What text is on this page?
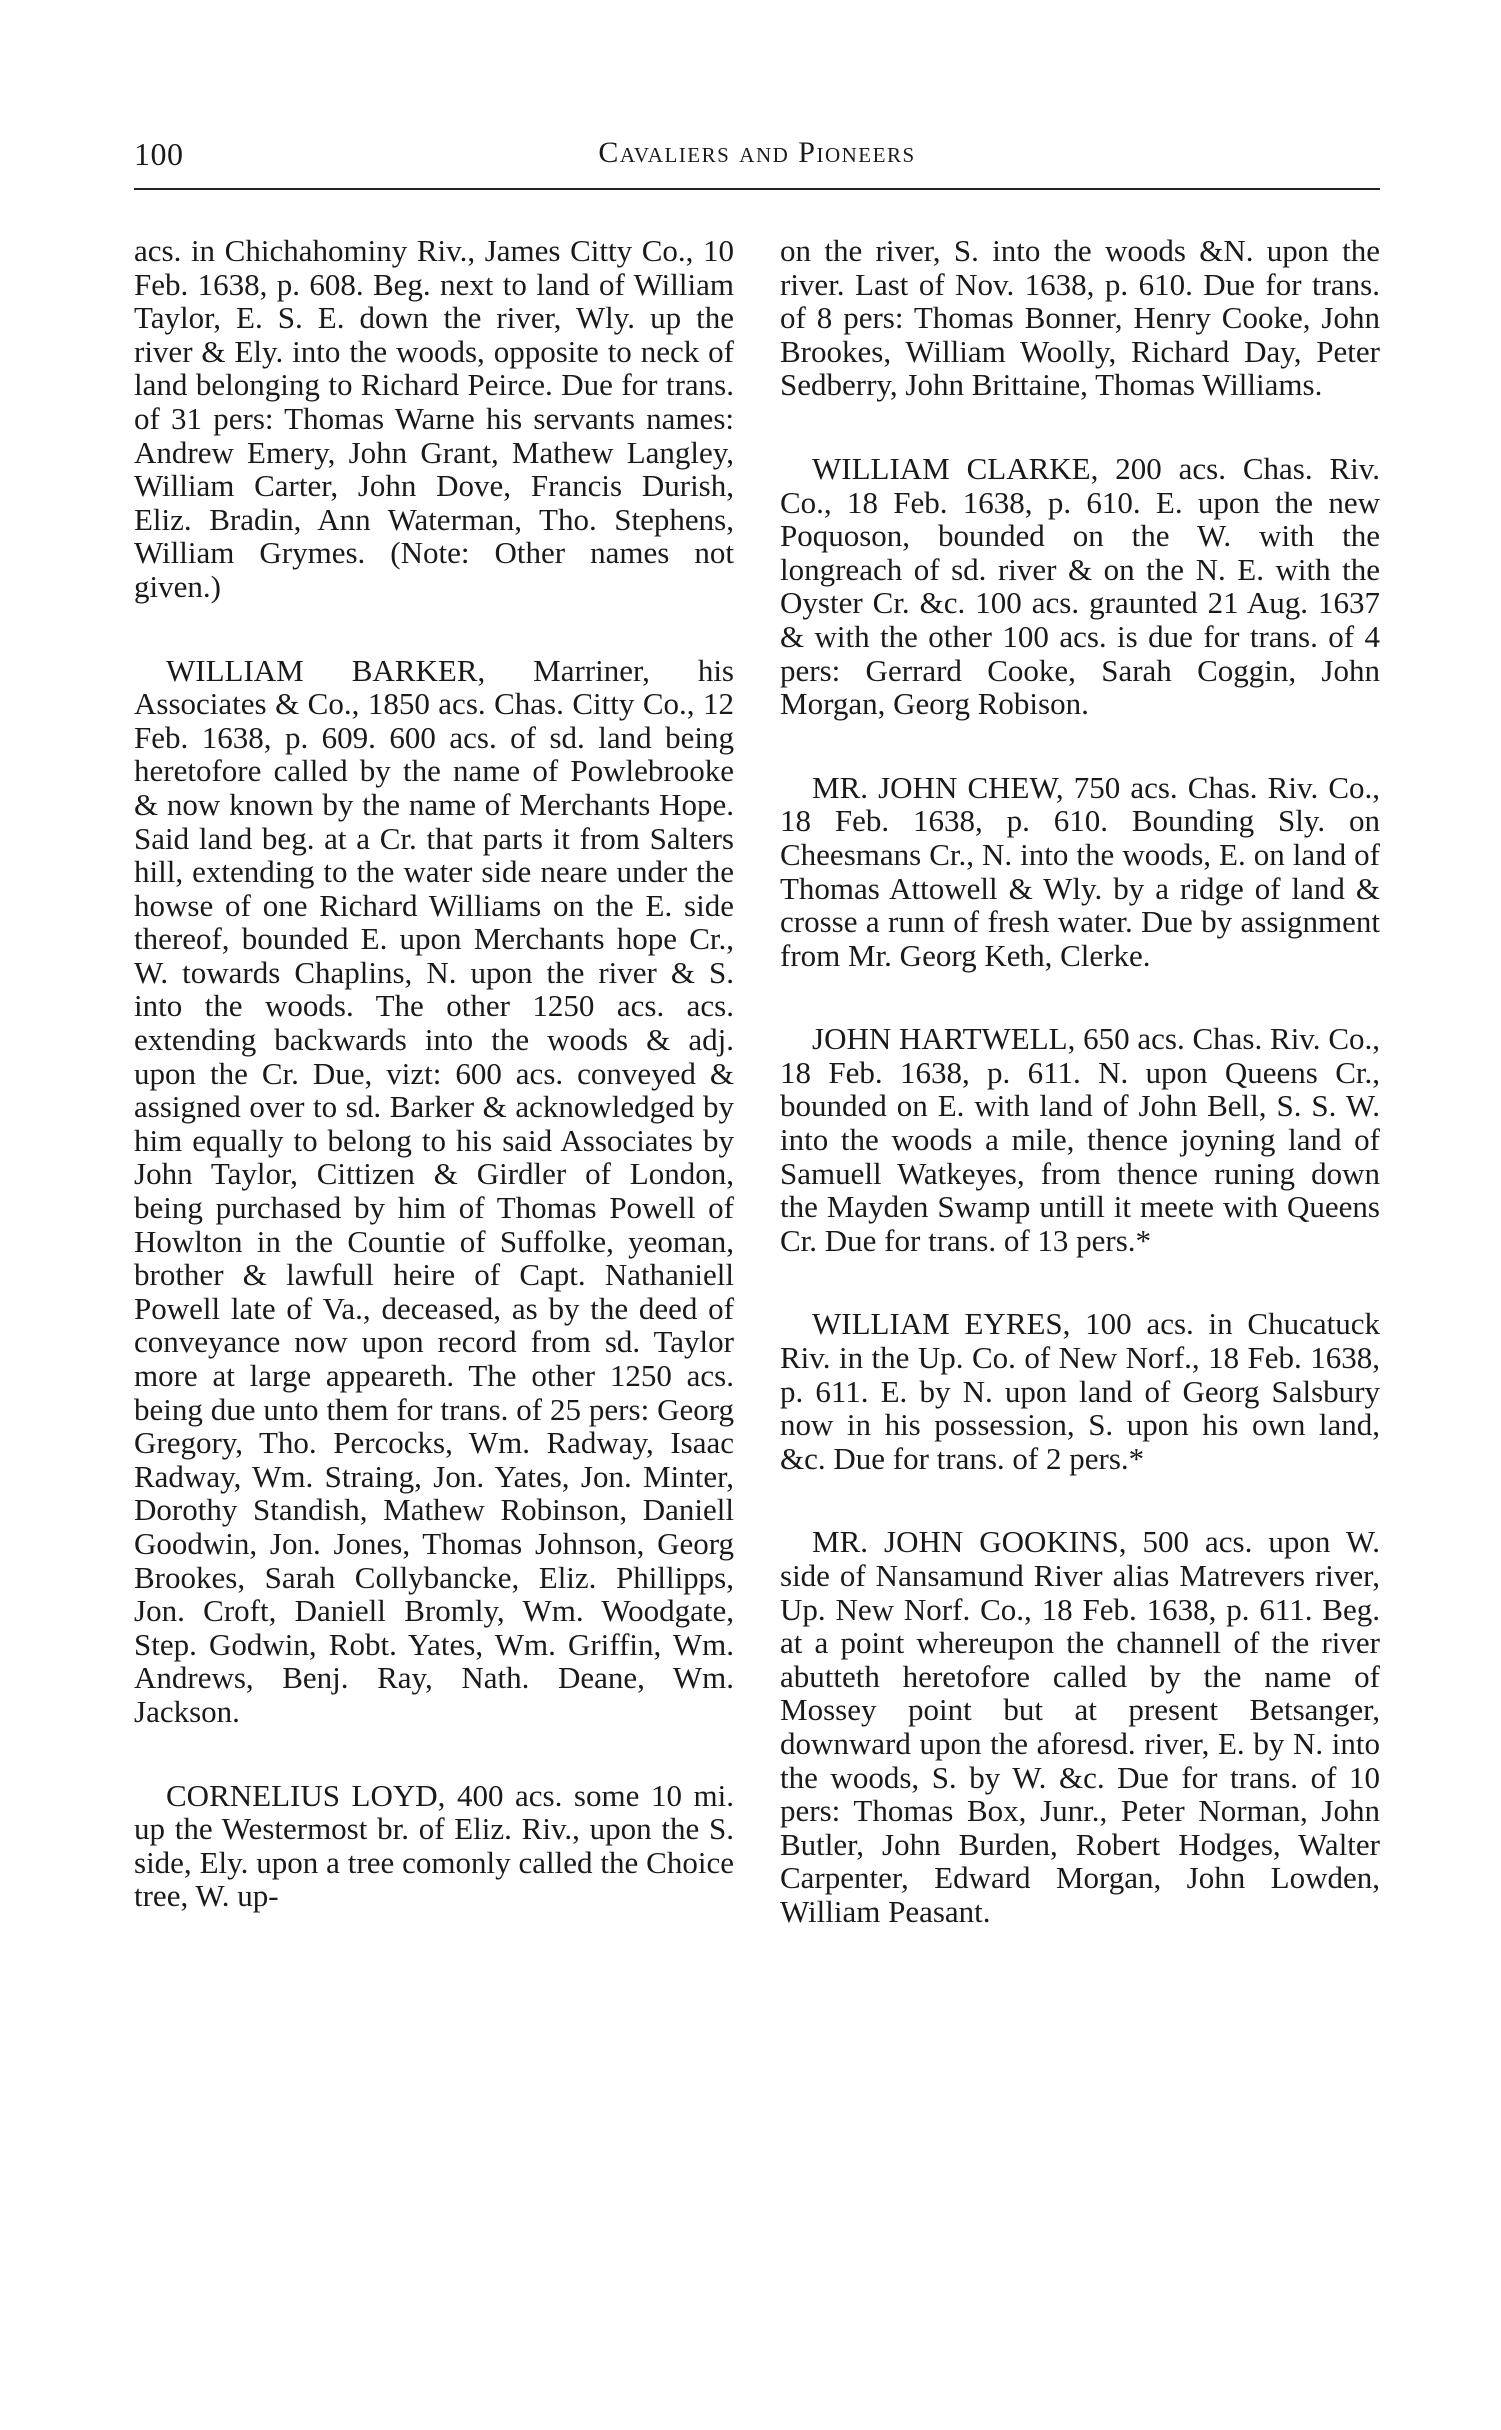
100	Cavaliers and Pioneers

acs. in Chichahominy Riv., James Citty Co., 10 Feb. 1638, p. 608. Beg. next to land of William Taylor, E. S. E. down the river, Wly. up the river & Ely. into the woods, opposite to neck of land belonging to Richard Peirce. Due for trans. of 31 pers: Thomas Warne his servants names: Andrew Emery, John Grant, Mathew Langley, William Carter, John Dove, Francis Durish, Eliz. Bradin, Ann Waterman, Tho. Stephens, William Grymes. (Note: Other names not given.)

WILLIAM BARKER, Marriner, his Associates & Co., 1850 acs. Chas. Citty Co., 12 Feb. 1638, p. 609. 600 acs. of sd. land being heretofore called by the name of Powlebrooke & now known by the name of Merchants Hope. Said land beg. at a Cr. that parts it from Salters hill, extending to the water side neare under the howse of one Richard Williams on the E. side thereof, bounded E. upon Merchants hope Cr., W. towards Chaplins, N. upon the river & S. into the woods. The other 1250 acs. acs. extending backwards into the woods & adj. upon the Cr. Due, vizt: 600 acs. conveyed & assigned over to sd. Barker & acknowledged by him equally to belong to his said Associates by John Taylor, Cittizen & Girdler of London, being purchased by him of Thomas Powell of Howlton in the Countie of Suffolke, yeoman, brother & lawfull heire of Capt. Nathaniell Powell late of Va., deceased, as by the deed of conveyance now upon record from sd. Taylor more at large appeareth. The other 1250 acs. being due unto them for trans. of 25 pers: Georg Gregory, Tho. Percocks, Wm. Radway, Isaac Radway, Wm. Straing, Jon. Yates, Jon. Minter, Dorothy Standish, Mathew Robinson, Daniell Goodwin, Jon. Jones, Thomas Johnson, Georg Brookes, Sarah Collybancke, Eliz. Phillipps, Jon. Croft, Daniell Bromly, Wm. Woodgate, Step. Godwin, Robt. Yates, Wm. Griffin, Wm. Andrews, Benj. Ray, Nath. Deane, Wm. Jackson.

CORNELIUS LOYD, 400 acs. some 10 mi. up the Westermost br. of Eliz. Riv., upon the S. side, Ely. upon a tree comonly called the Choice tree, W. up-

on the river, S. into the woods &N. upon the river. Last of Nov. 1638, p. 610. Due for trans. of 8 pers: Thomas Bonner, Henry Cooke, John Brookes, William Woolly, Richard Day, Peter Sedberry, John Brittaine, Thomas Williams.

WILLIAM CLARKE, 200 acs. Chas. Riv. Co., 18 Feb. 1638, p. 610. E. upon the new Poquoson, bounded on the W. with the longreach of sd. river & on the N. E. with the Oyster Cr. &c. 100 acs. graunted 21 Aug. 1637 & with the other 100 acs. is due for trans. of 4 pers: Gerrard Cooke, Sarah Coggin, John Morgan, Georg Robison.

MR. JOHN CHEW, 750 acs. Chas. Riv. Co., 18 Feb. 1638, p. 610. Bounding Sly. on Cheesmans Cr., N. into the woods, E. on land of Thomas Attowell & Wly. by a ridge of land & crosse a runn of fresh water. Due by assignment from Mr. Georg Keth, Clerke.

JOHN HARTWELL, 650 acs. Chas. Riv. Co., 18 Feb. 1638, p. 611. N. upon Queens Cr., bounded on E. with land of John Bell, S. S. W. into the woods a mile, thence joyning land of Samuell Watkeyes, from thence runing down the Mayden Swamp untill it meete with Queens Cr. Due for trans. of 13 pers.*

WILLIAM EYRES, 100 acs. in Chucatuck Riv. in the Up. Co. of New Norf., 18 Feb. 1638, p. 611. E. by N. upon land of Georg Salsbury now in his possession, S. upon his own land, &c. Due for trans. of 2 pers.*

MR. JOHN GOOKINS, 500 acs. upon W. side of Nansamund River alias Matrevers river, Up. New Norf. Co., 18 Feb. 1638, p. 611. Beg. at a point whereupon the channell of the river abutteth heretofore called by the name of Mossey point but at present Betsanger, downward upon the aforesd. river, E. by N. into the woods, S. by W. &c. Due for trans. of 10 pers: Thomas Box, Junr., Peter Norman, John Butler, John Burden, Robert Hodges, Walter Carpenter, Edward Morgan, John Lowden, William Peasant.
